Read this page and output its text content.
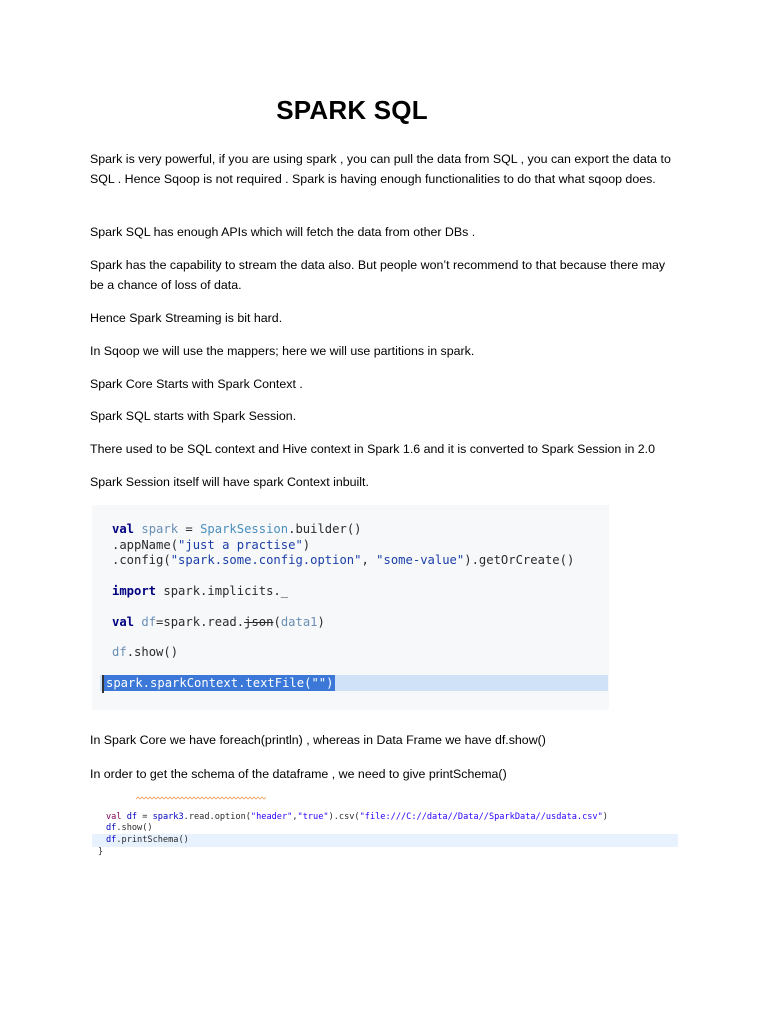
SPARK SQL

Spark is very powerful, if you are using spark , you can pull the data from SQL , you can export the data to SQL . Hence Sqoop is not required . Spark is having enough functionalities to do that what sqoop does.

Spark SQL has enough APIs which will fetch the data from other DBs .

Spark has the capability to stream the data also. But people won’t recommend to that because there may be a chance of loss of data.

Hence Spark Streaming is bit hard.

In Sqoop we will use the mappers; here we will use partitions in spark.

Spark Core Starts with Spark Context .

Spark SQL starts with Spark Session.

There used to be SQL context and Hive context in Spark 1.6 and it is converted to Spark Session in 2.0

Spark Session itself will have spark Context inbuilt.

val spark = SparkSession.builder()
.appName("just a practise")
.config("spark.some.config.option", "some-value").getOrCreate()
import spark.implicits._
val df=spark.read.json(data1)
df.show()
spark.sparkContext.textFile("")

In Spark Core we have foreach(println) , whereas in Data Frame we have df.show()

In order to get the schema of the dataframe , we need to give printSchema()

val df = spark3.read.option("header","true").csv("file:///C://data//Data//SparkData//usdata.csv")
df.show()
df.printSchema()
}
